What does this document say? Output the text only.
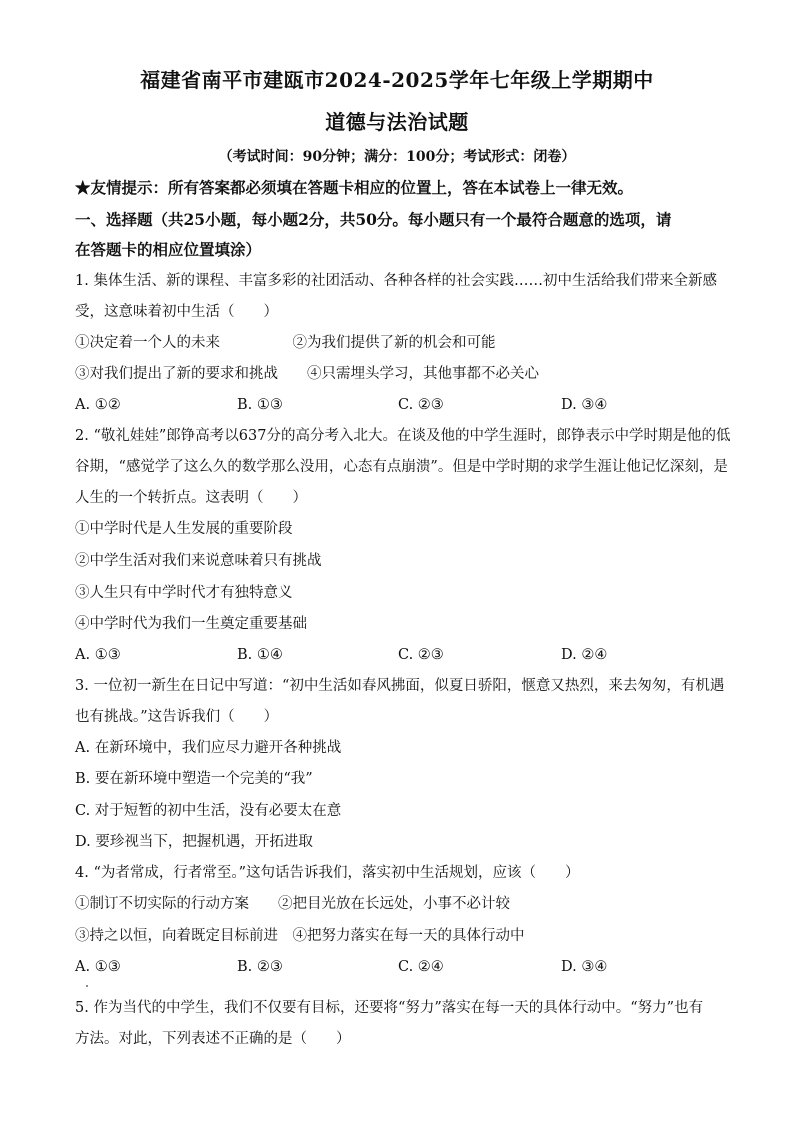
福建省南平市建瓯市2024-2025学年七年级上学期期中
道德与法治试题
（考试时间：90分钟；满分：100分；考试形式：闭卷）
★友情提示：所有答案都必须填在答题卡相应的位置上，答在本试卷上一律无效。
一、选择题（共25小题，每小题2分，共50分。每小题只有一个最符合题意的选项，请
在答题卡的相应位置填涂）
1. 集体生活、新的课程、丰富多彩的社团活动、各种各样的社会实践……初中生活给我们带来全新感
受，这意味着初中生活（　　）
①决定着一个人的未来　　　　　②为我们提供了新的机会和可能
③对我们提出了新的要求和挑战　　④只需埋头学习，其他事都不必关心
A. ①②	B. ①③	C. ②③	D. ③④
2. “敬礼娃娃”郎铮高考以637分的高分考入北大。在谈及他的中学生涯时，郎铮表示中学时期是他的低
谷期，“感觉学了这么久的数学那么没用，心态有点崩溃”。但是中学时期的求学生涯让他记忆深刻，是
人生的一个转折点。这表明（　　）
①中学时代是人生发展的重要阶段
②中学生活对我们来说意味着只有挑战
③人生只有中学时代才有独特意义
④中学时代为我们一生奠定重要基础
A. ①③	B. ①④	C. ②③	D. ②④
3. 一位初一新生在日记中写道：“初中生活如春风拂面，似夏日骄阳，惬意又热烈，来去匆匆，有机遇
也有挑战。”这告诉我们（　　）
A. 在新环境中，我们应尽力避开各种挑战
B. 要在新环境中塑造一个完美的“我”
C. 对于短暂的初中生活，没有必要太在意
D. 要珍视当下，把握机遇，开拓进取
4. “为者常成，行者常至。”这句话告诉我们，落实初中生活规划，应该（　　）
①制订不切实际的行动方案　　②把目光放在长远处，小事不必计较
③持之以恒，向着既定目标前进　④把努力落实在每一天的具体行动中
A. ①③	B. ②③	C. ②④	D. ③④
5. 作为当代的中学生，我们不仅要有目标，还要将“努力”落实在每一天的具体行动中。“努力”也有
方法。对此，下列表述不正确的是（　　）
